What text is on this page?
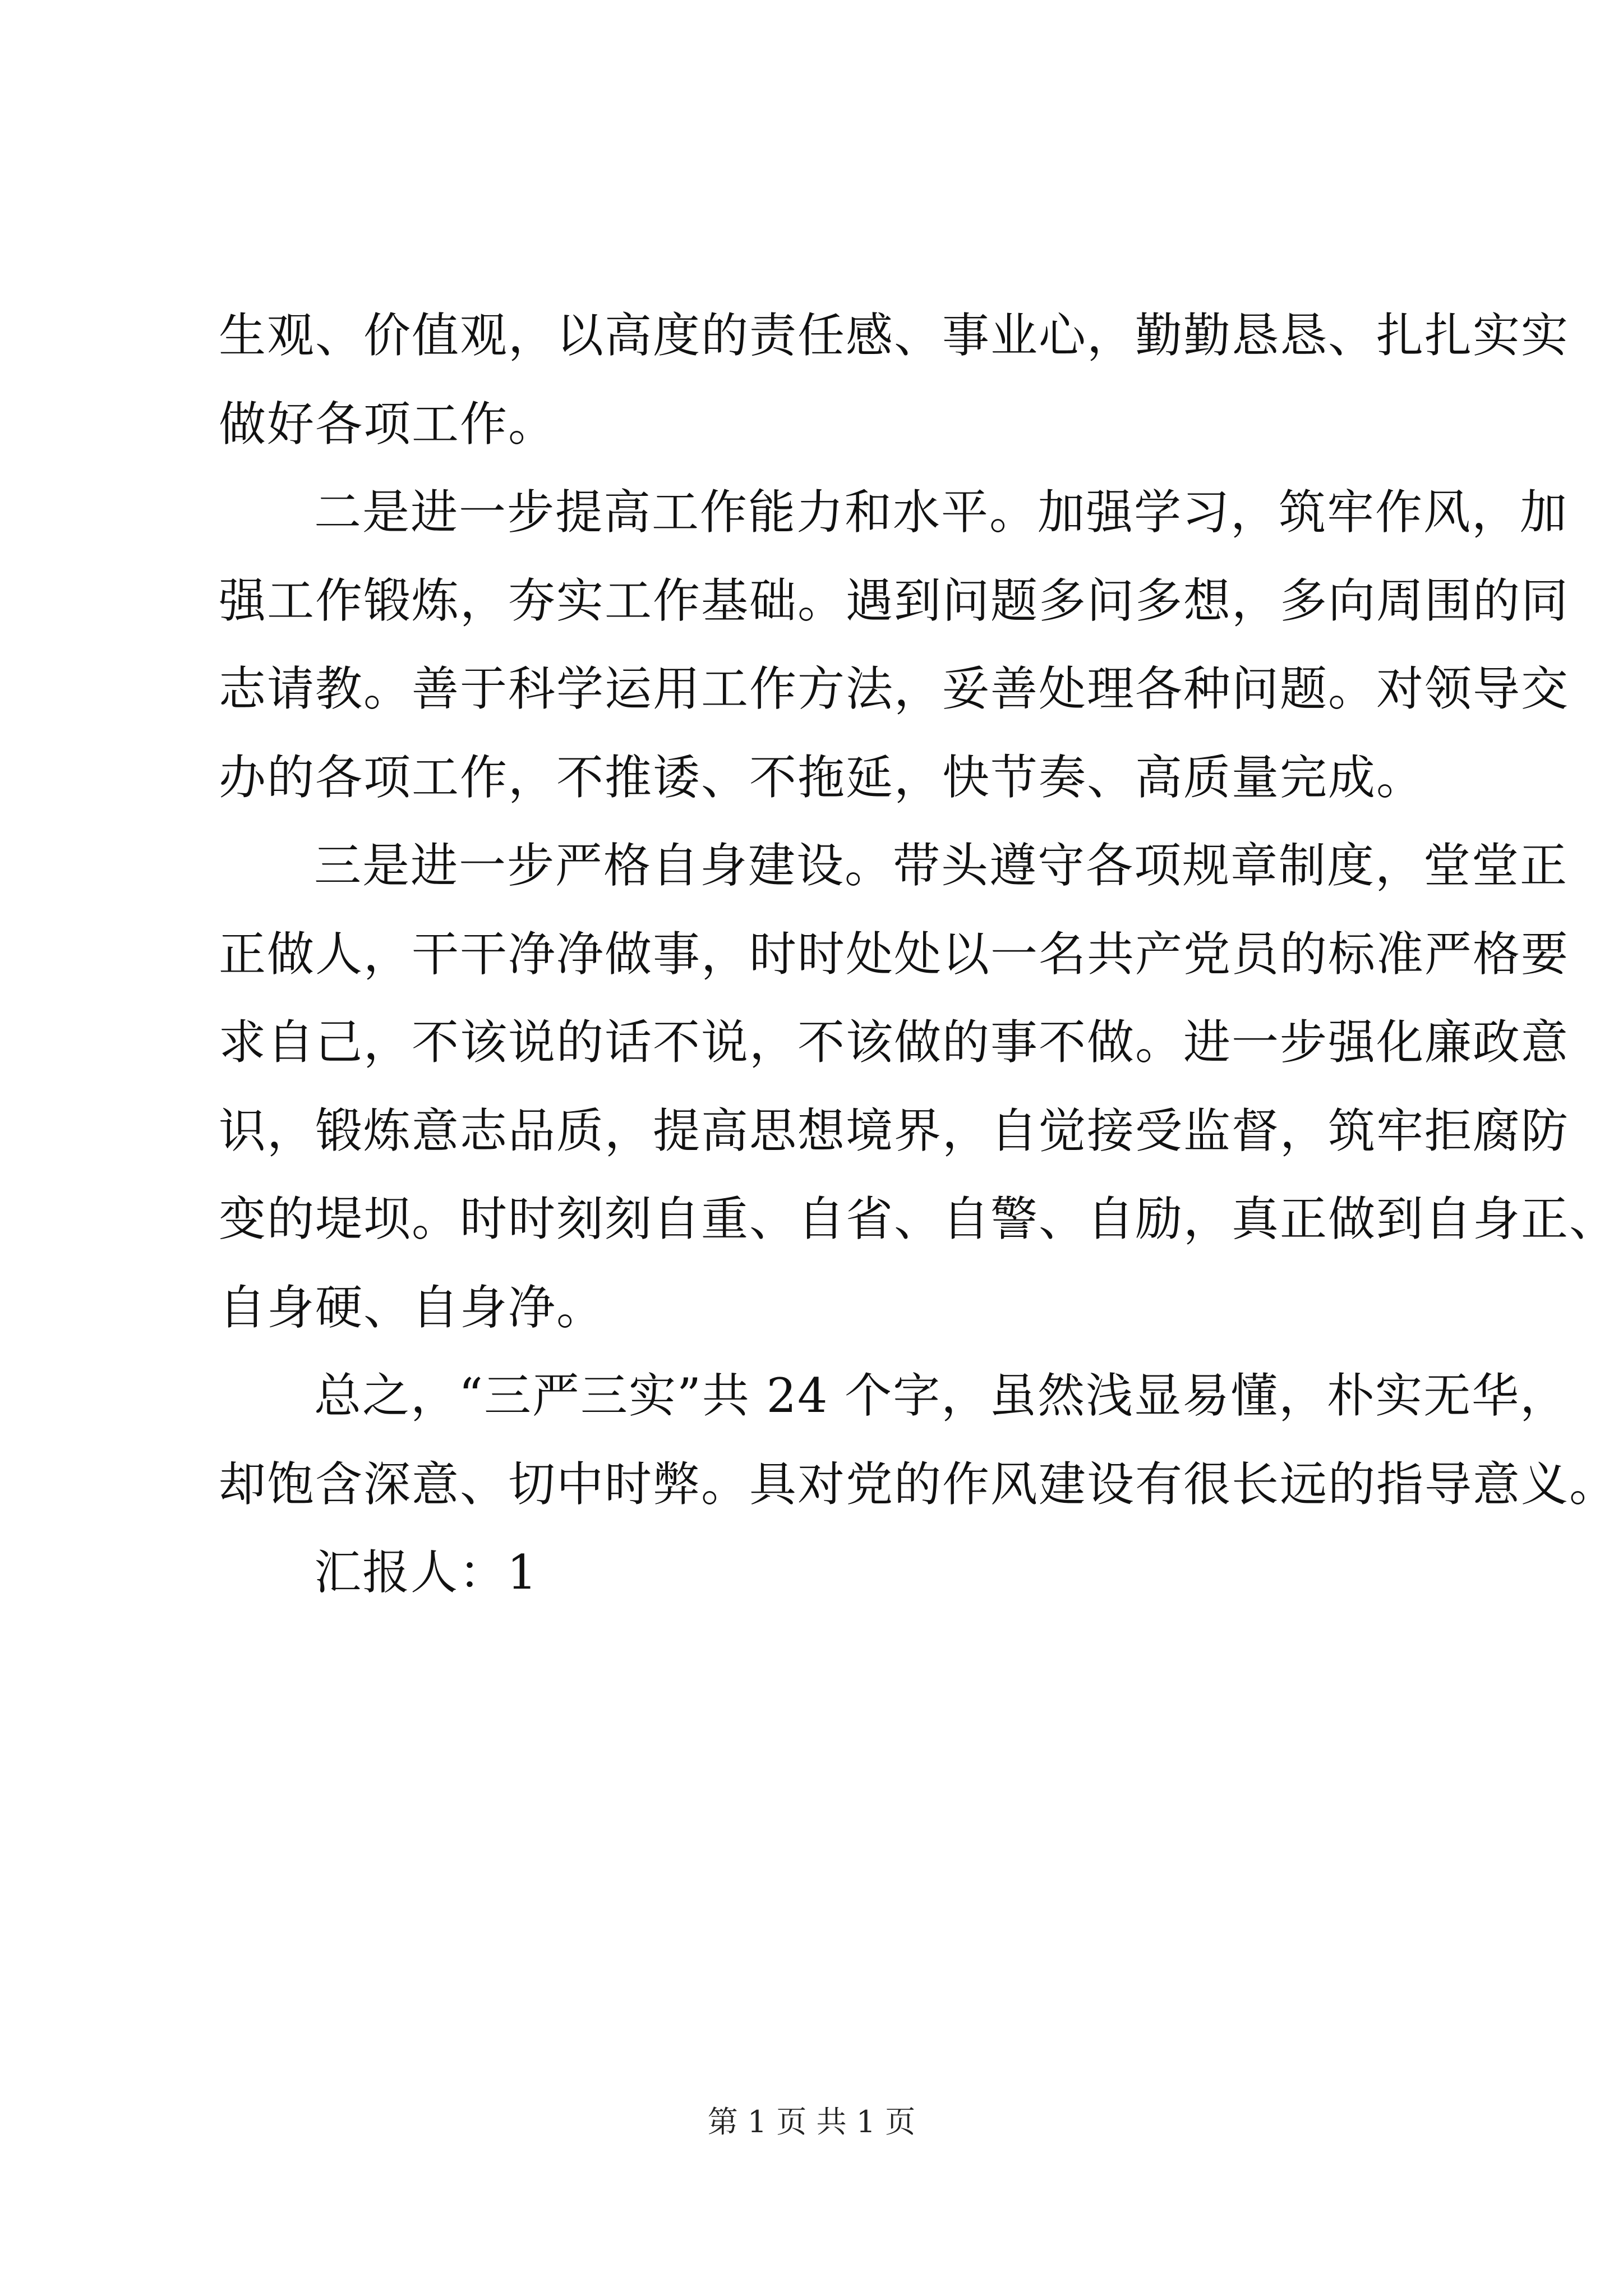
生观、价值观，以高度的责任感、事业心，勤勤恳恳、扎扎实实
做好各项工作。
二是进一步提高工作能力和水平。加强学习，筑牢作风，加
强工作锻炼，夯实工作基础。遇到问题多问多想，多向周围的同
志请教。善于科学运用工作方法，妥善处理各种问题。对领导交
办的各项工作，不推诿、不拖延，快节奏、高质量完成。
三是进一步严格自身建设。带头遵守各项规章制度，堂堂正
正做人，干干净净做事，时时处处以一名共产党员的标准严格要
求自己，不该说的话不说，不该做的事不做。进一步强化廉政意
识，锻炼意志品质，提高思想境界，自觉接受监督，筑牢拒腐防
变的堤坝。时时刻刻自重、自省、自警、自励，真正做到自身正、
自身硬、自身净。
总之，“三严三实”共 24 个字，虽然浅显易懂，朴实无华，
却饱含深意、切中时弊。具对党的作风建设有很长远的指导意义。
汇报人：1
第 1 页 共 1 页
